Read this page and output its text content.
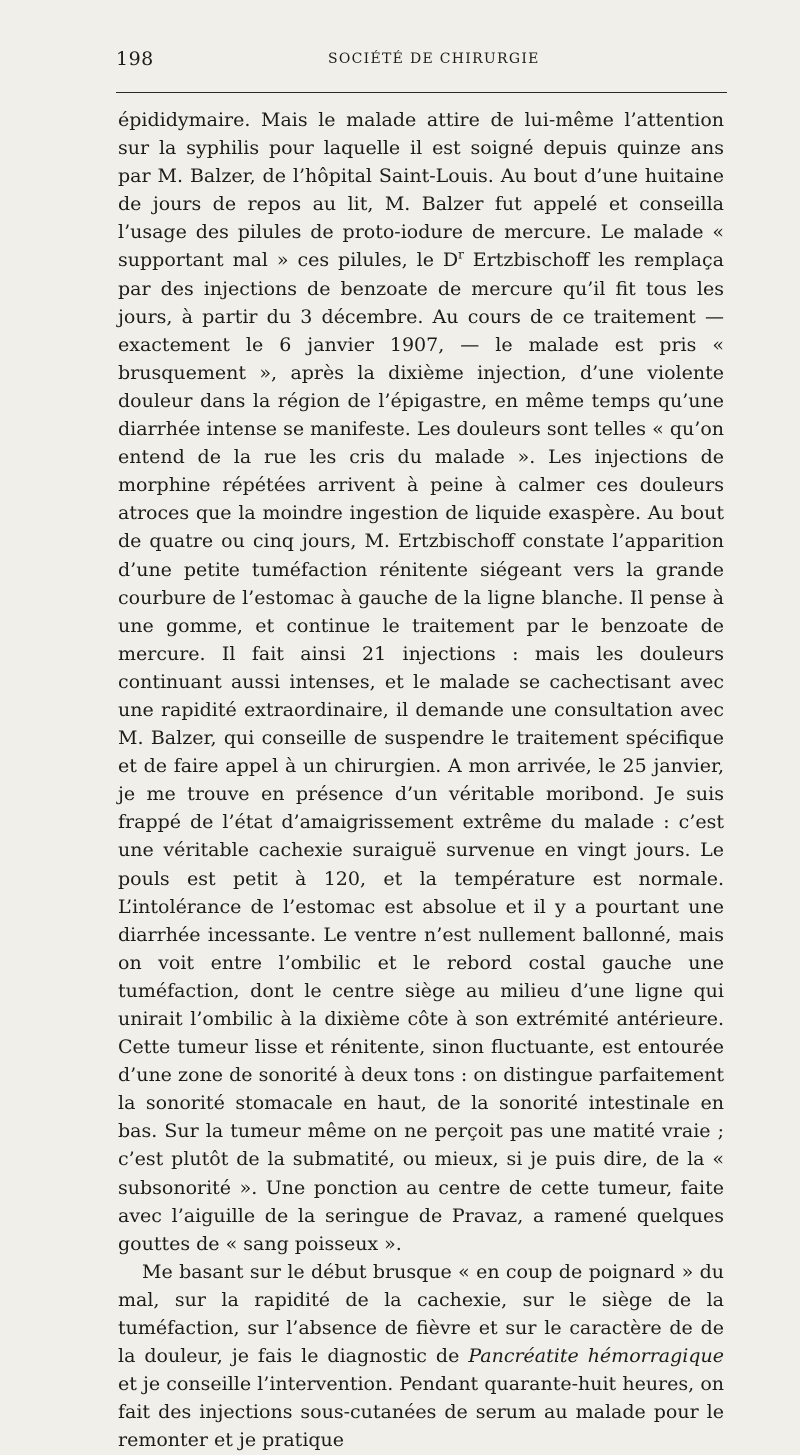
198	SOCIÉTÉ DE CHIRURGIE

épididymaire. Mais le malade attire de lui-même l’attention sur la syphilis pour laquelle il est soigné depuis quinze ans par M. Balzer, de l’hôpital Saint-Louis. Au bout d’une huitaine de jours de repos au lit, M. Balzer fut appelé et conseilla l’usage des pilules de proto-iodure de mercure. Le malade « supportant mal » ces pilules, le $D^r$ Ertzbischoff les remplaça par des injections de benzoate de mercure qu’il fit tous les jours, à partir du 3 décembre. Au cours de ce traitement — exactement le 6 janvier 1907, — le malade est pris « brusquement », après la dixième injection, d’une violente douleur dans la région de l’épigastre, en même temps qu’une diarrhée intense se manifeste. Les douleurs sont telles « qu’on entend de la rue les cris du malade ». Les injections de morphine répétées arrivent à peine à calmer ces douleurs atroces que la moindre ingestion de liquide exaspère. Au bout de quatre ou cinq jours, M. Ertzbischoff constate l’apparition d’une petite tuméfaction rénitente siégeant vers la grande courbure de l’estomac à gauche de la ligne blanche. Il pense à une gomme, et continue le traitement par le benzoate de mercure. Il fait ainsi 21 injections : mais les douleurs continuant aussi intenses, et le malade se cachectisant avec une rapidité extraordinaire, il demande une consultation avec M. Balzer, qui conseille de suspendre le traitement spécifique et de faire appel à un chirurgien. A mon arrivée, le 25 janvier, je me trouve en présence d’un véritable moribond. Je suis frappé de l’état d’amaigrissement extrême du malade : c’est une véritable cachexie suraiguë survenue en vingt jours. Le pouls est petit à 120, et la température est normale. L’intolérance de l’estomac est absolue et il y a pourtant une diarrhée incessante. Le ventre n’est nullement ballonné, mais on voit entre l’ombilic et le rebord costal gauche une tuméfaction, dont le centre siège au milieu d’une ligne qui unirait l’ombilic à la dixième côte à son extrémité antérieure. Cette tumeur lisse et rénitente, sinon fluctuante, est entourée d’une zone de sonorité à deux tons : on distingue parfaitement la sonorité stomacale en haut, de la sonorité intestinale en bas. Sur la tumeur même on ne perçoit pas une matité vraie ; c’est plutôt de la submatité, ou mieux, si je puis dire, de la « subsonorité ». Une ponction au centre de cette tumeur, faite avec l’aiguille de la seringue de Pravaz, a ramené quelques gouttes de « sang poisseux ».

Me basant sur le début brusque « en coup de poignard » du mal, sur la rapidité de la cachexie, sur le siège de la tuméfaction, sur l’absence de fièvre et sur le caractère de de la douleur, je fais le diagnostic de Pancréatite hémorragique et je conseille l’intervention. Pendant quarante-huit heures, on fait des injections sous-cutanées de serum au malade pour le remonter et je pratique
